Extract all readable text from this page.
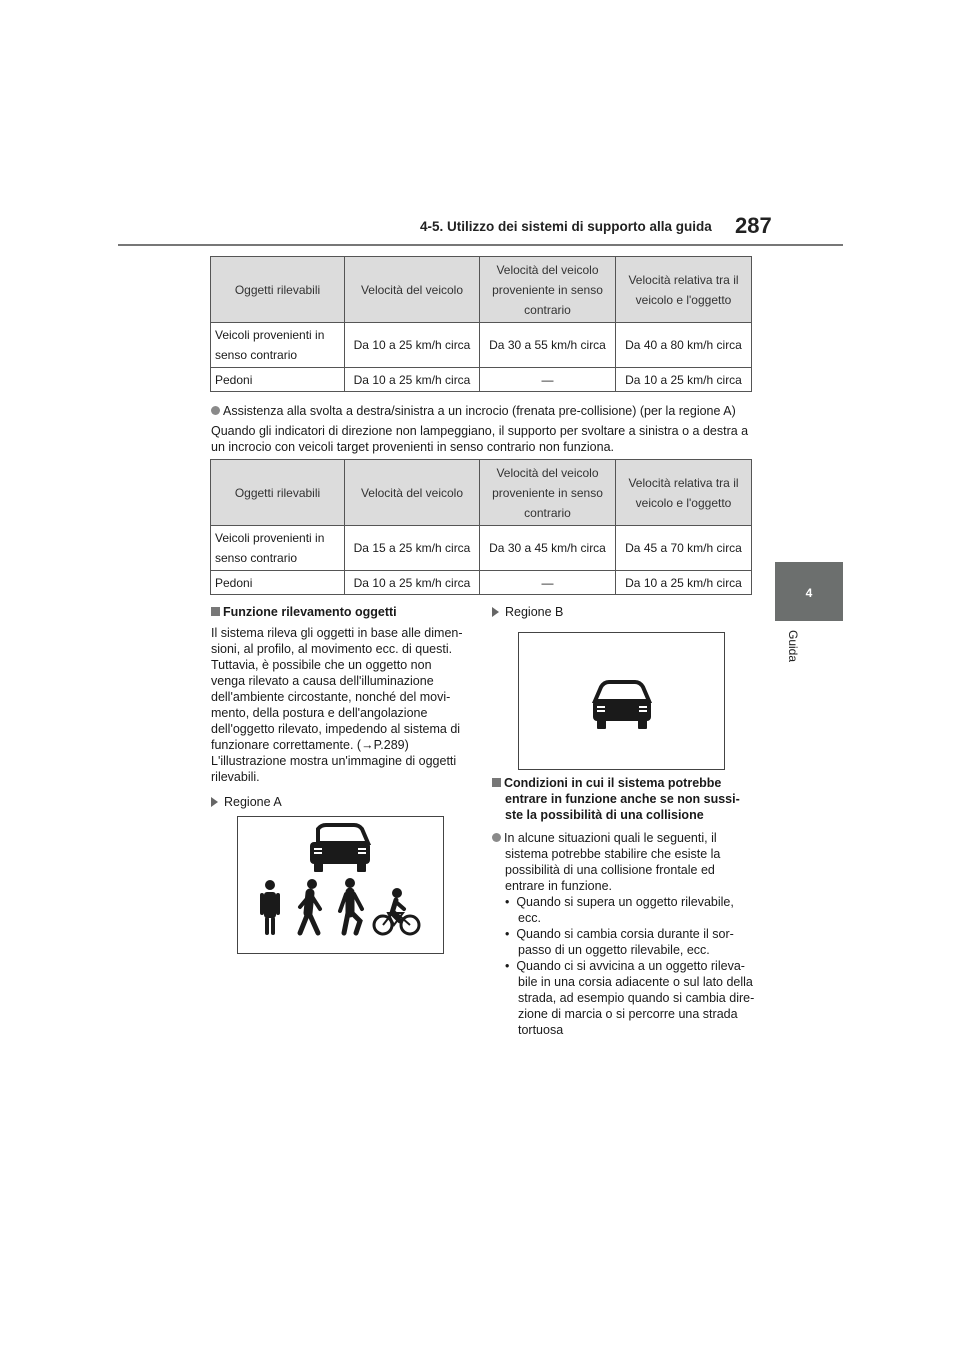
4-5. Utilizzo dei sistemi di supporto alla guida 287
4
Guida
Oggetti rilevabili	Velocità del veicolo	Velocità del veicolo proveniente in senso contrario	Velocità relativa tra il veicolo e l'oggetto
Veicoli provenienti in senso contrario	Da 10 a 25 km/h circa	Da 30 a 55 km/h circa	Da 40 a 80 km/h circa
Pedoni	Da 10 a 25 km/h circa	—	Da 10 a 25 km/h circa
Assistenza alla svolta a destra/sinistra a un incrocio (frenata pre-collisione) (per la regione A)
Quando gli indicatori di direzione non lampeggiano, il supporto per svoltare a sinistra o a destra a un incrocio con veicoli target provenienti in senso contrario non funziona.
Oggetti rilevabili	Velocità del veicolo	Velocità del veicolo proveniente in senso contrario	Velocità relativa tra il veicolo e l'oggetto
Veicoli provenienti in senso contrario	Da 15 a 25 km/h circa	Da 30 a 45 km/h circa	Da 45 a 70 km/h circa
Pedoni	Da 10 a 25 km/h circa	—	Da 10 a 25 km/h circa
Funzione rilevamento oggetti
Il sistema rileva gli oggetti in base alle dimen-
sioni, al profilo, al movimento ecc. di questi.
Tuttavia, è possibile che un oggetto non
venga rilevato a causa dell'illuminazione
dell'ambiente circostante, nonché del movi-
mento, della postura e dell'angolazione
dell'oggetto rilevato, impedendo al sistema di
funzionare correttamente. (→P.289)
L'illustrazione mostra un'immagine di oggetti
rilevabili.
Regione A
Regione B
Condizioni in cui il sistema potrebbe
entrare in funzione anche se non sussi-
ste la possibilità di una collisione
In alcune situazioni quali le seguenti, il
sistema potrebbe stabilire che esiste la
possibilità di una collisione frontale ed
entrare in funzione.
•  Quando si supera un oggetto rilevabile,
ecc.
•  Quando si cambia corsia durante il sor-
passo di un oggetto rilevabile, ecc.
•  Quando ci si avvicina a un oggetto rileva-
bile in una corsia adiacente o sul lato della
strada, ad esempio quando si cambia dire-
zione di marcia o si percorre una strada
tortuosa
